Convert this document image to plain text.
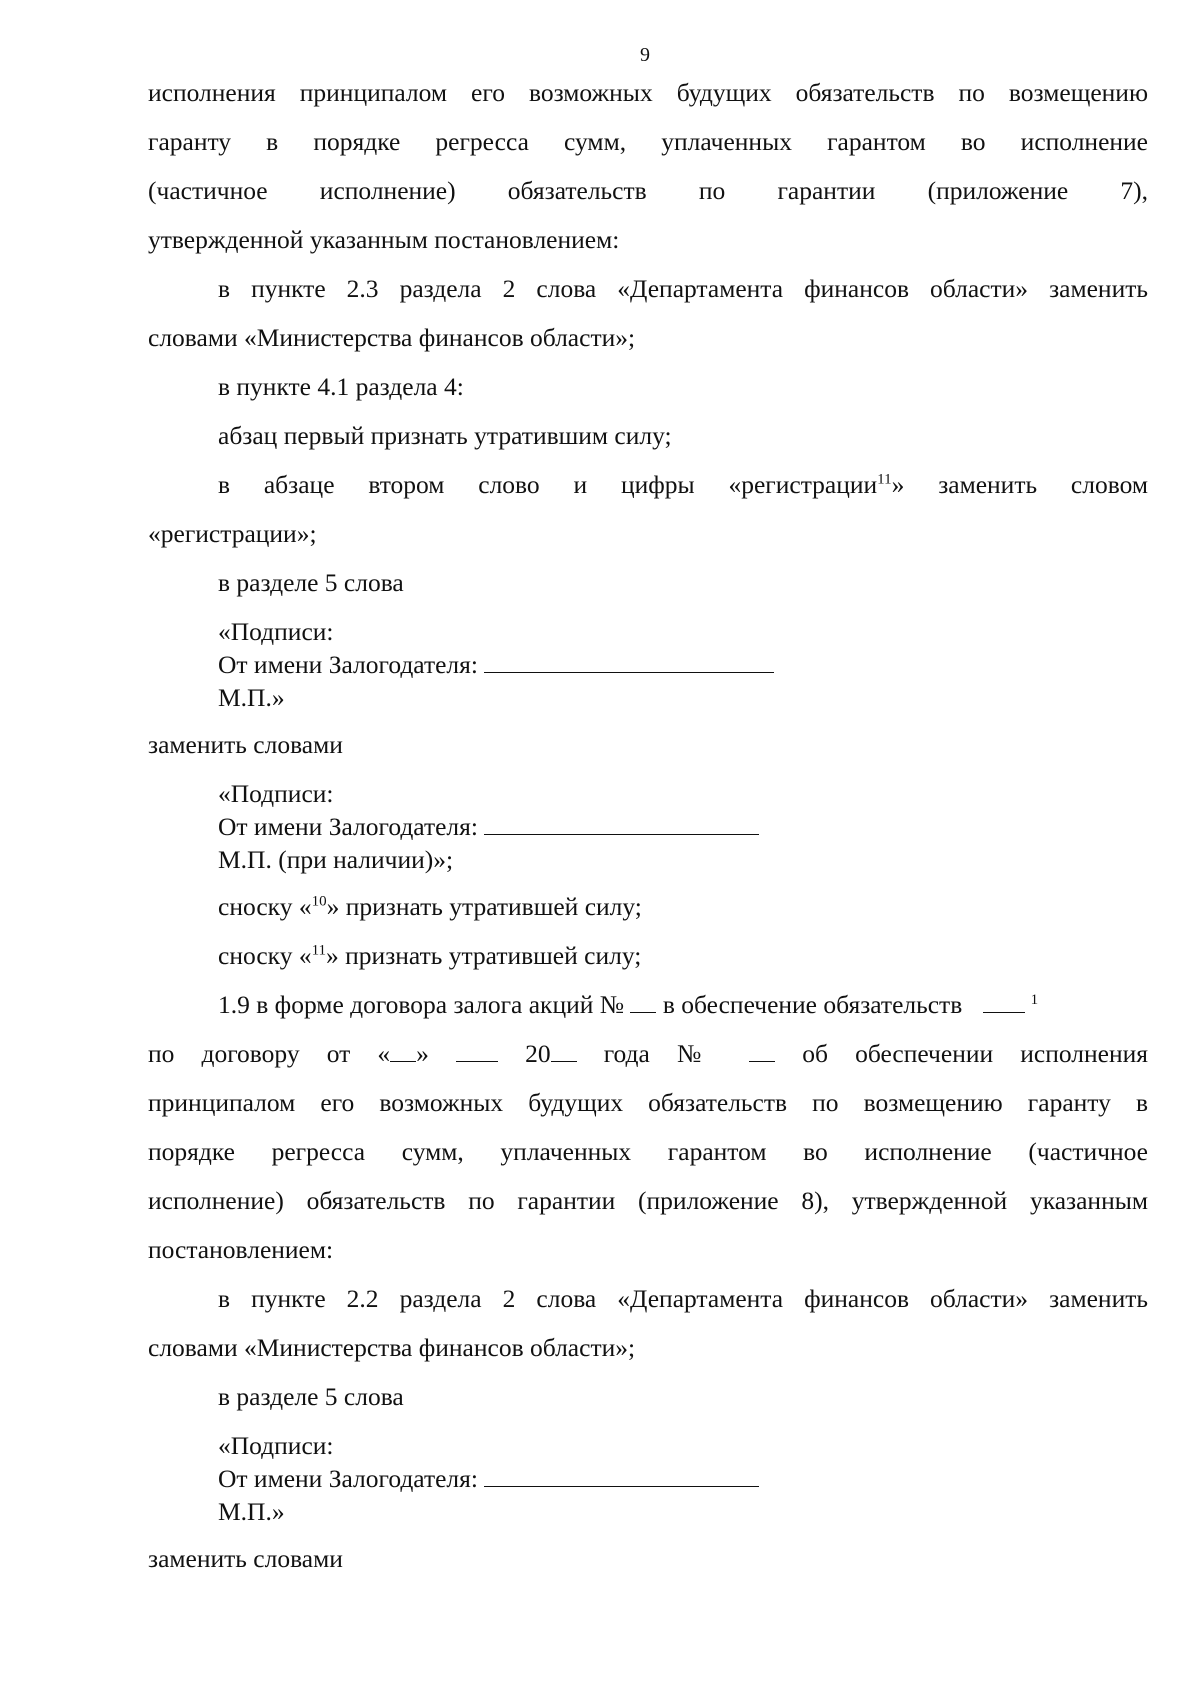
9

исполнения принципалом его возможных будущих обязательств по возмещению

гаранту в порядке регресса сумм, уплаченных гарантом во исполнение

(частичное исполнение) обязательств по гарантии (приложение 7),

утвержденной указанным постановлением:

в пункте 2.3 раздела 2 слова «Департамента финансов области» заменить

словами «Министерства финансов области»;

в пункте 4.1 раздела 4:

абзац первый признать утратившим силу;

в абзаце втором слово и цифры «регистрации$^{11}$» заменить словом

«регистрации»;

в разделе 5 слова

«Подписи:
От имени Залогодателя:
М.П.»

заменить словами

«Подписи:
От имени Залогодателя:
М.П. (при наличии)»;

сноску «$^{10}$» признать утратившей силу;

сноску «$^{11}$» признать утратившей силу;

1.9 в форме договора залога акций № в обеспечение обязательств	$^1$

по договору от « »	20 года №	об обеспечении исполнения

принципалом его возможных будущих обязательств по возмещению гаранту в

порядке регресса сумм, уплаченных гарантом во исполнение (частичное

исполнение) обязательств по гарантии (приложение 8), утвержденной указанным

постановлением:

в пункте 2.2 раздела 2 слова «Департамента финансов области» заменить

словами «Министерства финансов области»;

в разделе 5 слова

«Подписи:
От имени Залогодателя:
М.П.»

заменить словами
